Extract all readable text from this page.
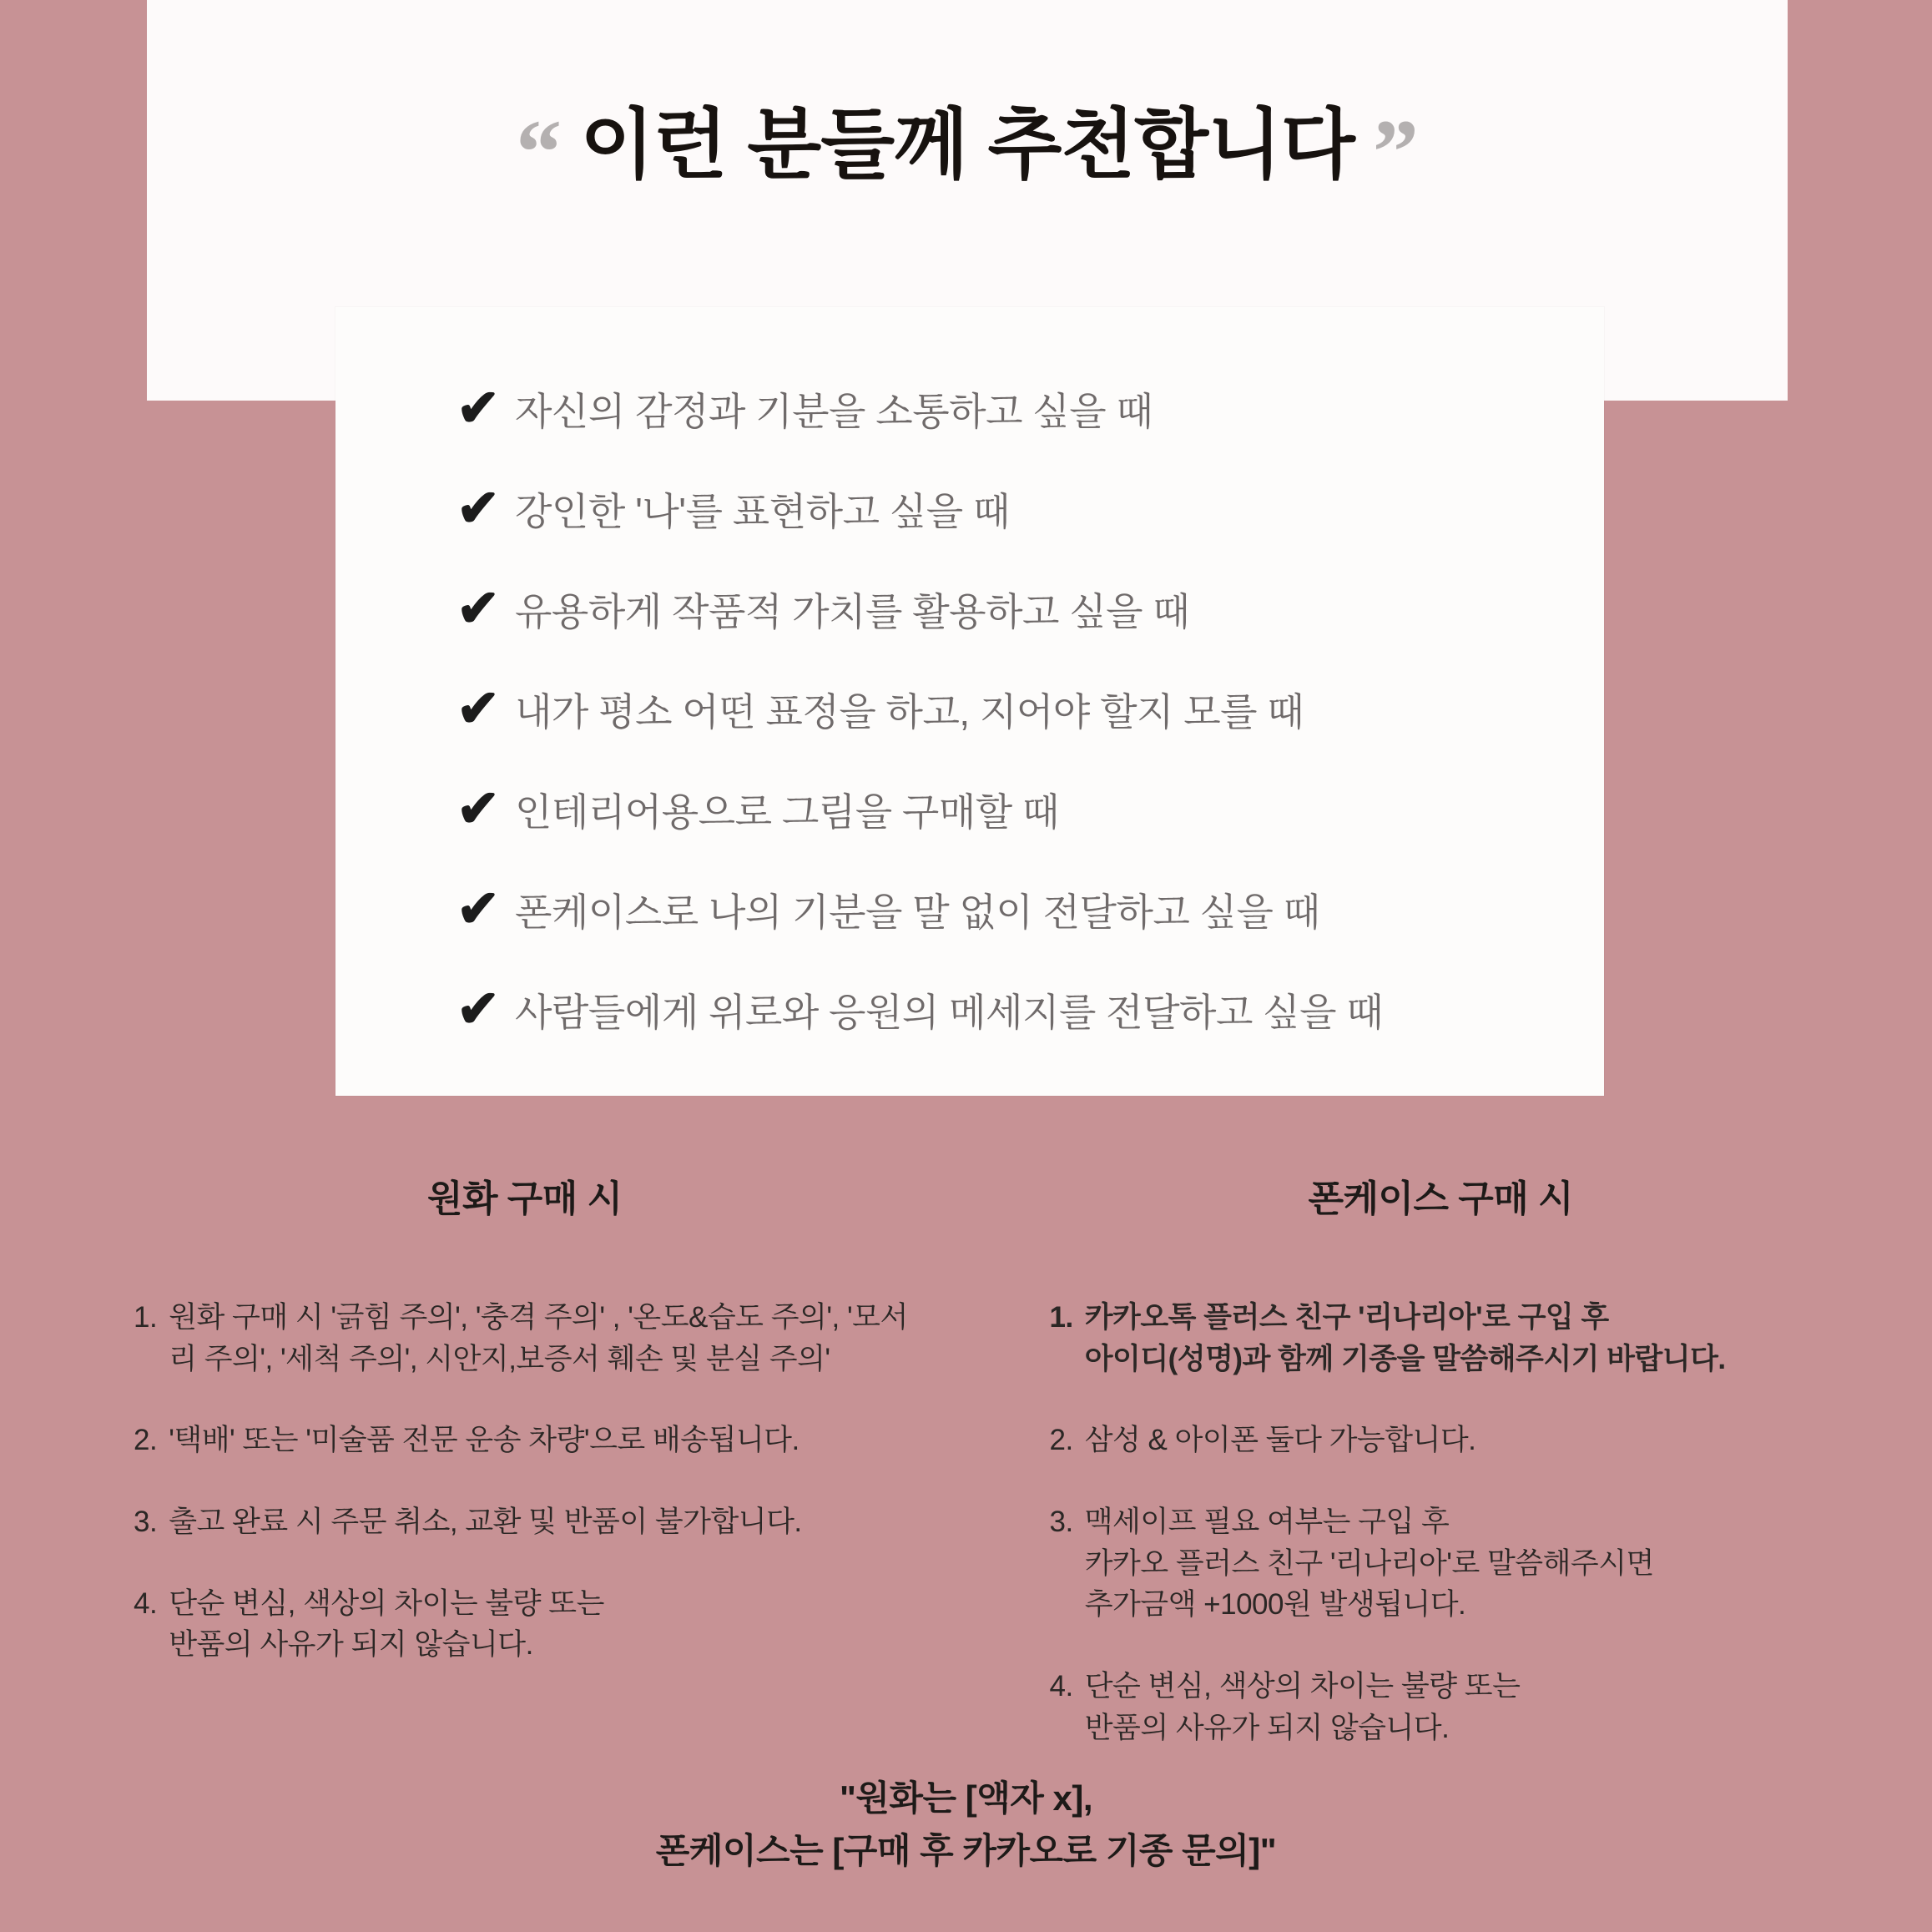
“ 이런 분들께 추천합니다 ”
✔ 자신의 감정과 기분을 소통하고 싶을 때
✔ 강인한 '나'를 표현하고 싶을 때
✔ 유용하게 작품적 가치를 활용하고 싶을 때
✔ 내가 평소 어떤 표정을 하고, 지어야 할지 모를 때
✔ 인테리어용으로 그림을 구매할 때
✔ 폰케이스로 나의 기분을 말 없이 전달하고 싶을 때
✔ 사람들에게 위로와 응원의 메세지를 전달하고 싶을 때
원화 구매 시
1. 원화 구매 시 '긁힘 주의', '충격 주의' , '온도&습도 주의', '모서리 주의', '세척 주의', 시안지,보증서 훼손 및 분실 주의'
2. '택배' 또는 '미술품 전문 운송 차량'으로 배송됩니다.
3. 출고 완료 시 주문 취소, 교환 및 반품이 불가합니다.
4. 단순 변심, 색상의 차이는 불량 또는
반품의 사유가 되지 않습니다.
폰케이스 구매 시
1. 카카오톡 플러스 친구 '리나리아'로 구입 후
아이디(성명)과 함께 기종을 말씀해주시기 바랍니다.
2. 삼성 & 아이폰 둘다 가능합니다.
3. 맥세이프 필요 여부는 구입 후
카카오 플러스 친구 '리나리아'로 말씀해주시면
추가금액 +1000원 발생됩니다.
4. 단순 변심, 색상의 차이는 불량 또는
반품의 사유가 되지 않습니다.
"원화는 [액자 x],
폰케이스는 [구매 후 카카오로 기종 문의]"
